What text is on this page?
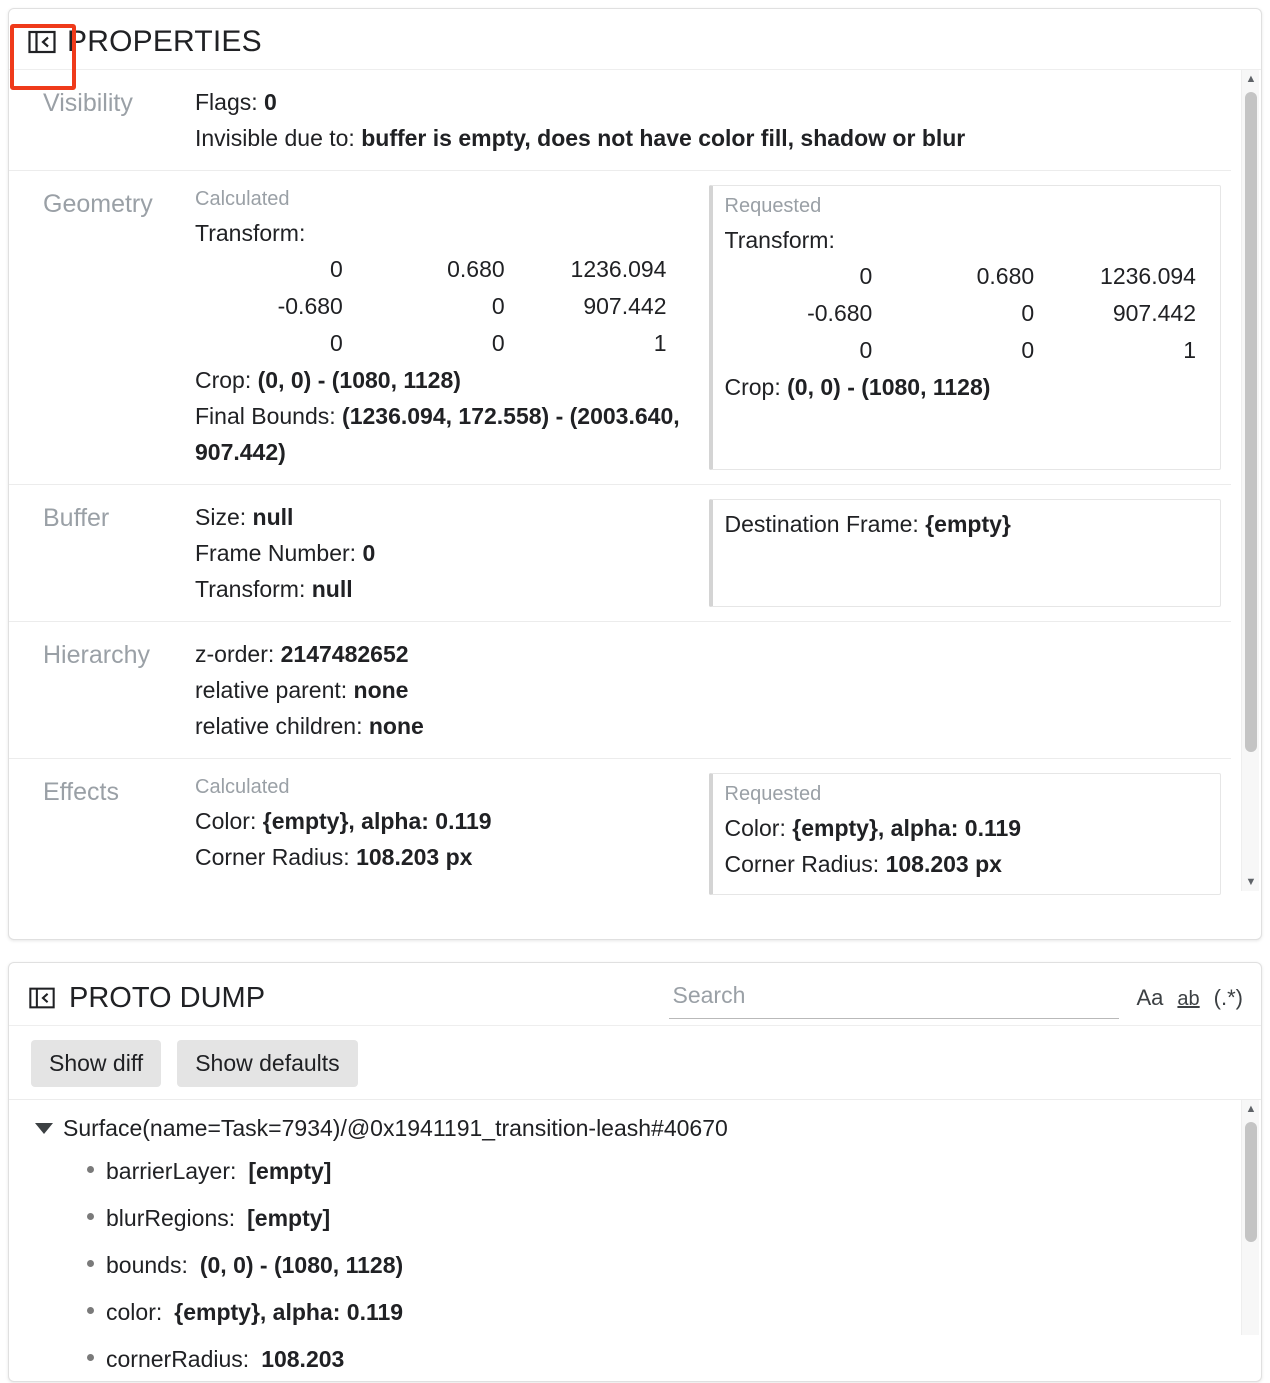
PROPERTIES
Visibility	Flags: 0
Invisible due to: buffer is empty, does not have color fill, shadow or blur
Geometry	Calculated
Transform:
0	0.680	1236.094
-0.680	0	907.442
0	0	1
Crop: (0, 0) - (1080, 1128)
Final Bounds: (1236.094, 172.558) - (2003.640, 907.442)
Requested
Transform:
0	0.680	1236.094
-0.680	0	907.442
0	0	1
Crop: (0, 0) - (1080, 1128)
Buffer	Size: null
Frame Number: 0
Transform: null
Destination Frame: {empty}
Hierarchy	z-order: 2147482652
relative parent: none
relative children: none
Effects	Calculated
Color: {empty}, alpha: 0.119
Corner Radius: 108.203 px
Requested
Color: {empty}, alpha: 0.119
Corner Radius: 108.203 px
▲
▼
PROTO DUMP
Search	Aa ab (.*)
Show diff	Show defaults
Surface(name=Task=7934)/@0x1941191_transition-leash#40670
barrierLayer: [empty]
blurRegions: [empty]
bounds: (0, 0) - (1080, 1128)
color: {empty}, alpha: 0.119
cornerRadius: 108.203
▲
